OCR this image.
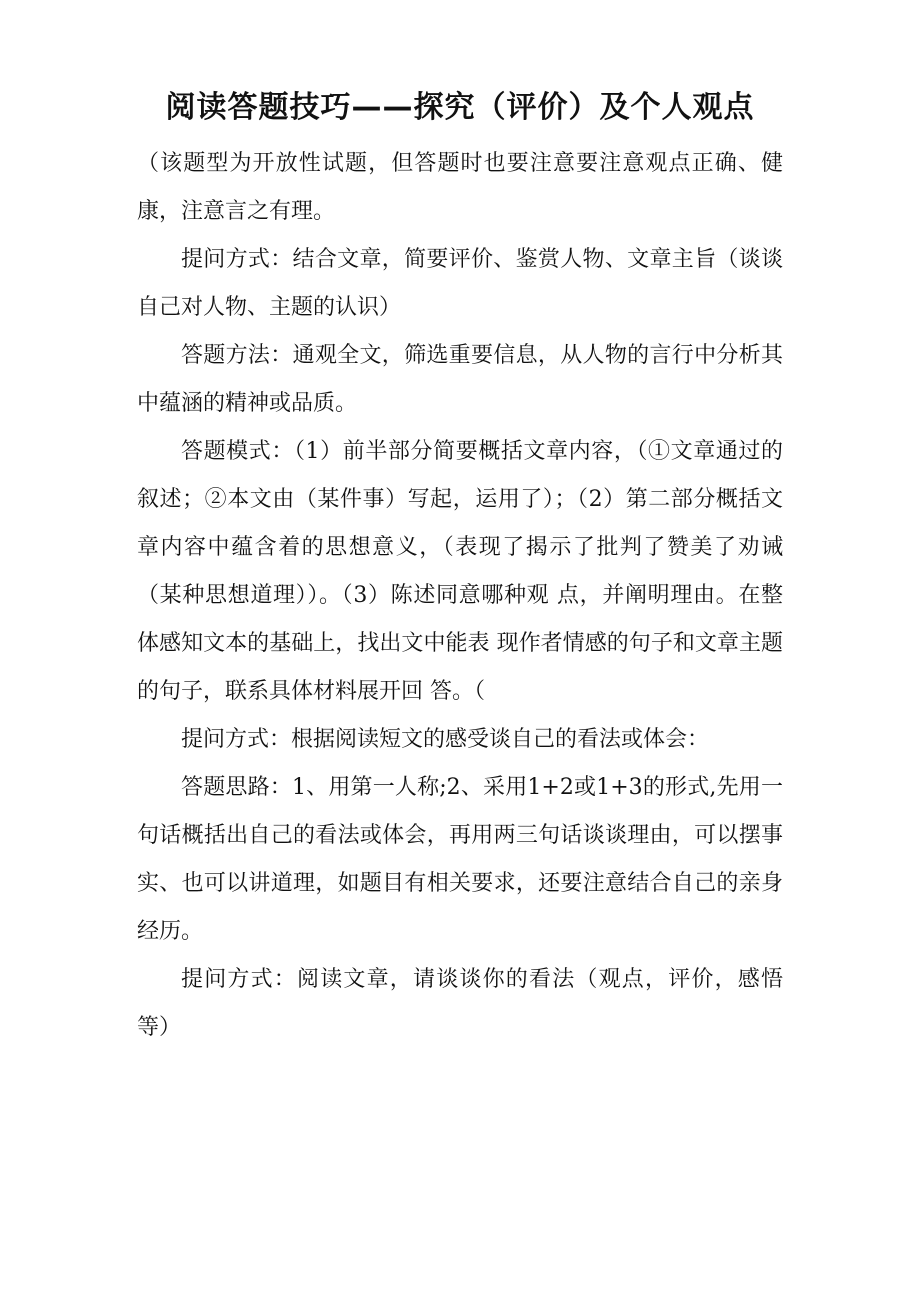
阅读答题技巧——探究（评价）及个人观点

（该题型为开放性试题，但答题时也要注意要注意观点正确、健康，注意言之有理。

提问方式：结合文章，简要评价、鉴赏人物、文章主旨（谈谈自己对人物、主题的认识）

答题方法：通观全文，筛选重要信息，从人物的言行中分析其中蕴涵的精神或品质。

答题模式：（1）前半部分简要概括文章内容，（①文章通过的叙述；②本文由（某件事）写起，运用了）；（2）第二部分概括文章内容中蕴含着的思想意义，（表现了揭示了批判了赞美了劝诫（某种思想道理））。（3）陈述同意哪种观 点，并阐明理由。在整体感知文本的基础上，找出文中能表 现作者情感的句子和文章主题的句子，联系具体材料展开回 答。（

提问方式：根据阅读短文的感受谈自己的看法或体会：

答题思路：1、用第一人称;2、采用1+2或1+3的形式,先用一句话概括出自己的看法或体会，再用两三句话谈谈理由，可以摆事实、也可以讲道理，如题目有相关要求，还要注意结合自己的亲身经历。

提问方式：阅读文章，请谈谈你的看法（观点，评价，感悟等）
